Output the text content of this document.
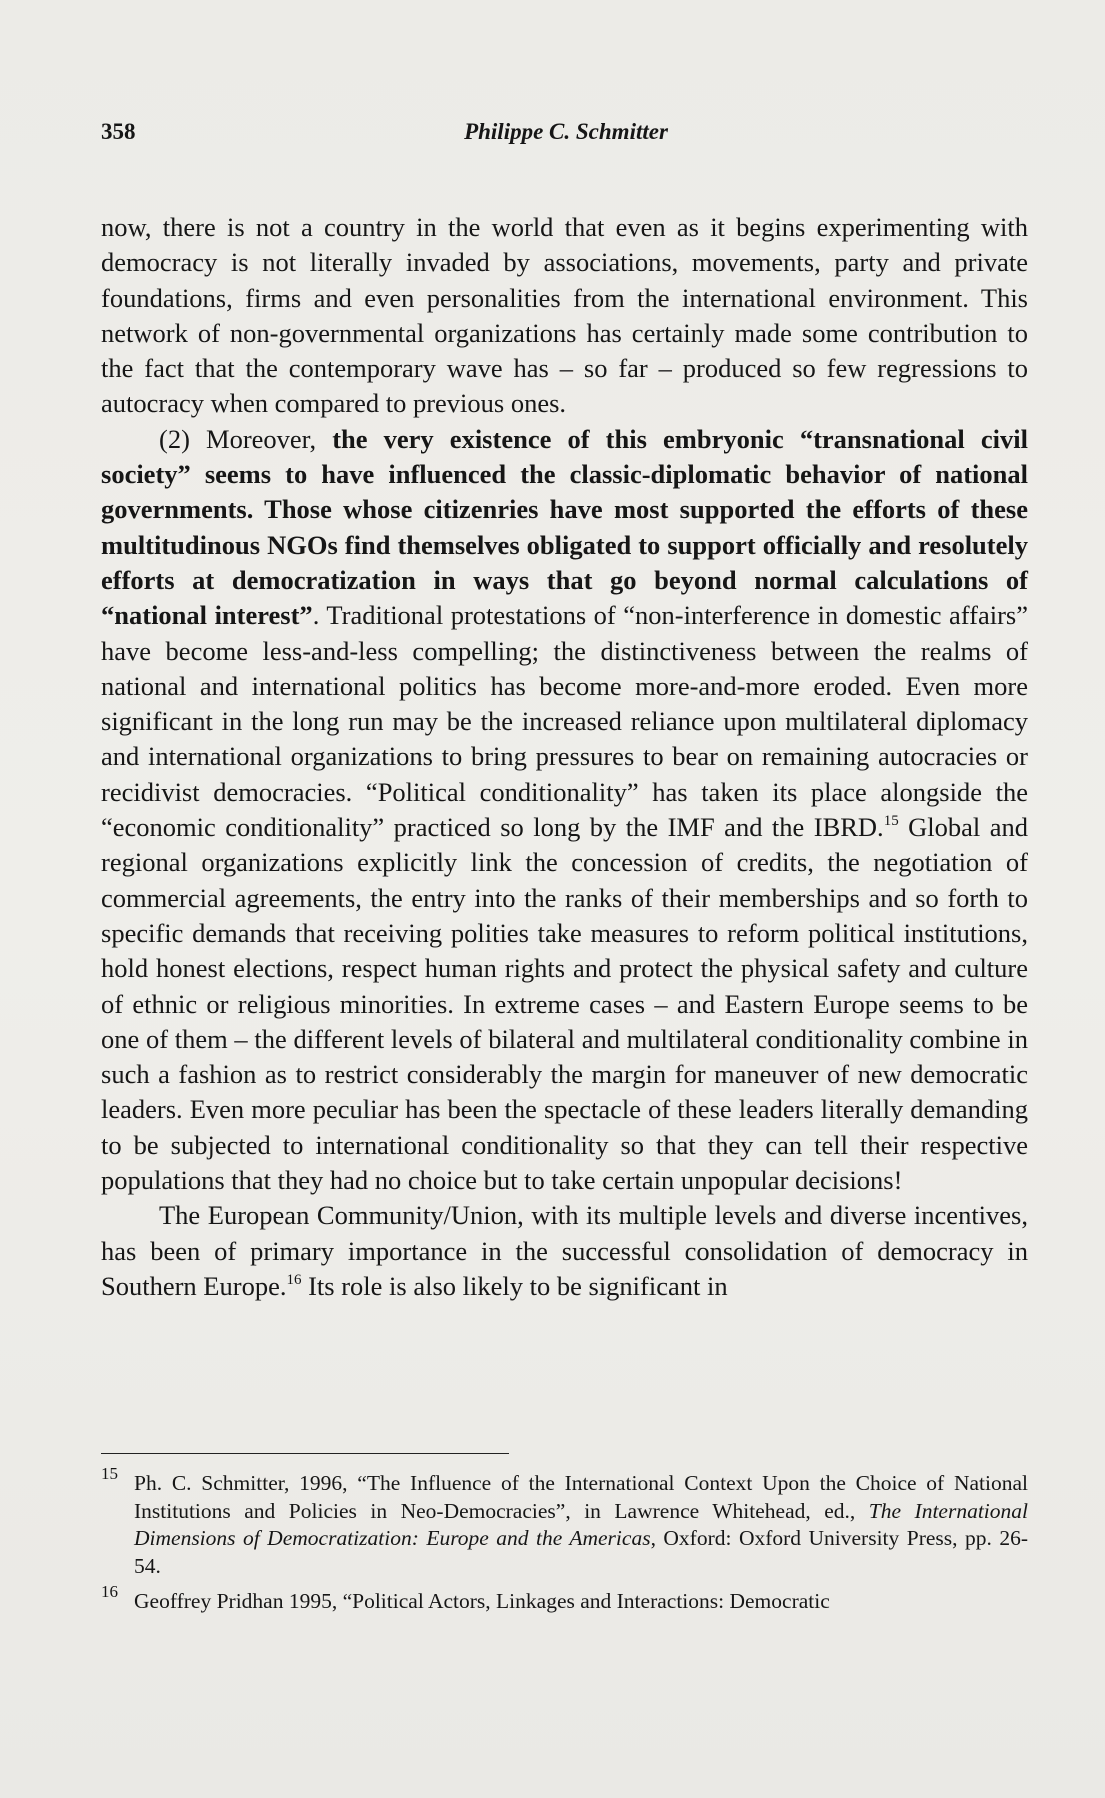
358	Philippe C. Schmitter

now, there is not a country in the world that even as it begins experimenting with democracy is not literally invaded by associations, movements, party and private foundations, firms and even personalities from the international environment. This network of non-governmental organizations has certainly made some contribution to the fact that the contemporary wave has – so far – produced so few regressions to autocracy when compared to previous ones.

(2) Moreover, the very existence of this embryonic “transnational civil society” seems to have influenced the classic-diplomatic behavior of national governments. Those whose citizenries have most supported the efforts of these multitudinous NGOs find themselves obligated to support officially and resolutely efforts at democratization in ways that go beyond normal calculations of “national interest”. Traditional protestations of “non-interference in domestic affairs” have become less-and-less compelling; the distinctiveness between the realms of national and international politics has become more-and-more eroded. Even more significant in the long run may be the increased reliance upon multilateral diplomacy and international organizations to bring pressures to bear on remaining autocracies or recidivist democracies. “Political conditionality” has taken its place alongside the “economic conditionality” practiced so long by the IMF and the IBRD.$^{15}$ Global and regional organizations explicitly link the concession of credits, the negotiation of commercial agreements, the entry into the ranks of their memberships and so forth to specific demands that receiving polities take measures to reform political institutions, hold honest elections, respect human rights and protect the physical safety and culture of ethnic or religious minorities. In extreme cases – and Eastern Europe seems to be one of them – the different levels of bilateral and multilateral conditionality combine in such a fashion as to restrict considerably the margin for maneuver of new democratic leaders. Even more peculiar has been the spectacle of these leaders literally demanding to be subjected to international conditionality so that they can tell their respective populations that they had no choice but to take certain unpopular decisions!

The European Community/Union, with its multiple levels and diverse incentives, has been of primary importance in the successful consolidation of democracy in Southern Europe.$^{16}$ Its role is also likely to be significant in

15 Ph. C. Schmitter, 1996, “The Influence of the International Context Upon the Choice of National Institutions and Policies in Neo-Democracies”, in Lawrence Whitehead, ed., The International Dimensions of Democratization: Europe and the Americas, Oxford: Oxford University Press, pp. 26-54.
16 Geoffrey Pridhan 1995, “Political Actors, Linkages and Interactions: Democratic
